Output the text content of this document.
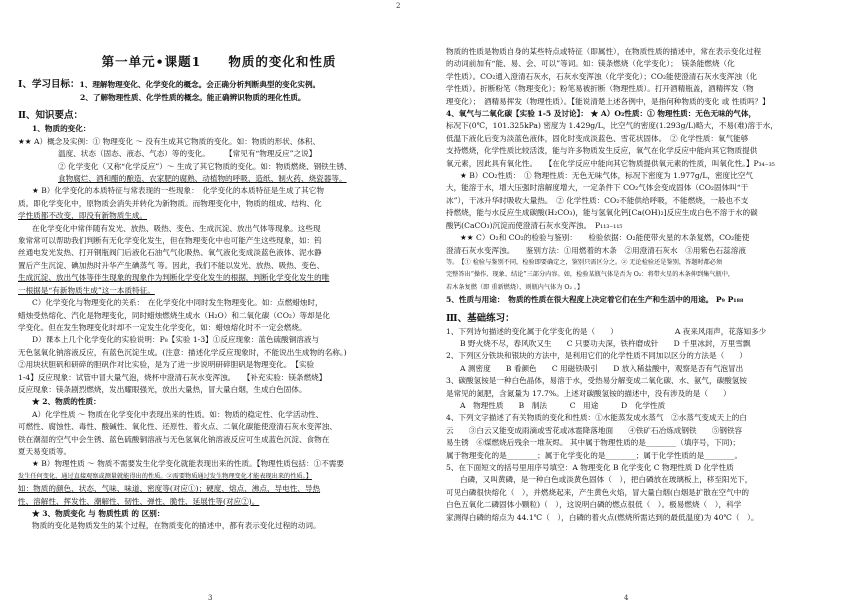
第一单元•课题1　　物质的变化和性质
Ⅰ、学习目标：1、理解物理变化、化学变化的概念。会正确分析判断典型的变化实例。

2、了解物理性质、化学性质的概念。能正确辨识物质的理化性质。

Ⅱ、知识要点：

1、物质的变化：

★★ A）概念及实例：① 物理变化 ～ 没有生成其它物质的变化。如：物质的形状、体积、

温度、状态（固态、液态、气态）等的变化。　　　【常见有“物理反应”之说】

② 化学变化（又称“化学反应”）～ 生成了其它物质的变化。如：物质燃烧、钢铁生锈、

食物腐烂、酒和醋的酿造、农家肥的腐熟、动植物的呼吸、造纸、制火药、烧瓷器等。

★ B）化学变化的本质特征与常表现的一些现象：　化学变化的本质特征是生成了其它物

质。即化学变化中，原物质会消失并转化为新物质。而物理变化中，物质的组成、结构、化

学性质都不改变，即没有新物质生成。

在化学变化中常伴随有发光、放热、吸热、变色、生成沉淀、放出气体等现象。这些现

象常常可以帮助我们判断有无化学变化发生，但在物理变化中也可能产生这些现象，如：钨

丝通电发光发热、打开钢瓶阀门后液化石油气气化吸热、氧气液化变成淡蓝色液体、泥水静

置后产生沉淀、碘加热时升华产生碘蒸气 等。因此，我们不能以发光、放热、吸热、变色、

生成沉淀、放出气体等伴生现象的现象作为判断化学变化发生的根据，判断化学变化发生的唯

一根据是“有新物质生成”这一本质特征。

C）化学变化与物理变化的关系：　在化学变化中同时发生物理变化。如：点燃蜡烛时，

蜡烛受热熔化、汽化是物理变化，同时蜡烛燃烧生成水（H₂O）和二氧化碳（CO₂）等却是化

学变化。但在发生物理变化时却不一定发生化学变化，如：蜡烛熔化时不一定会燃烧。

D）课本上几个化学变化的实验说明：P₈【实验 1-3】①反应现象：蓝色硫酸铜溶液与

无色氢氧化钠溶液反应，有蓝色沉淀生成。(注意：描述化学反应现象时，不能说出生成物的名称。)

②用块状胆矾和研碎的胆矾作对比实验，是为了进一步说明研碎胆矾是物理变化。　【实验

1-4】反应现象：试管中冒大量气泡，烧杯中澄清石灰水变浑浊。　　【补充实验：镁条燃烧】

反应现象：镁条剧烈燃烧，发出耀眼强光，放出大量热，冒大量白烟，生成白色固体。

★ 2、物质的性质：

A）化学性质 ～ 物质在化学变化中表现出来的性质。如：物质的稳定性、化学活动性、

可燃性、腐蚀性、毒性、酸碱性、氧化性、还原性、着火点、二氧化碳能使澄清石灰水变浑浊、

铁在潮湿的空气中会生锈、蓝色硫酸铜溶液与无色氢氧化钠溶液反应可生成蓝色沉淀、食物在

夏天易变质等。

★ B）物理性质 ～ 物质不需要发生化学变化就能表现出来的性质。【物理性质包括：①不需要

发生任何变化，通过直接观察或测量就能得出的性质。②需要物质通过发生物理变化才能表现出来的性质。】

如：物质的颜色、状态、气味、味道、密度等(对应①)；硬度、熔点、沸点、导电性、导热

性、溶解性、挥发性、潮解性、韧性、弹性、脆性、延展性等(对应②)。

★ 3、物质变化 与 物质性质 的 区别：

物质的变化是物质发生的某个过程，在物质变化的描述中，都有表示变化过程的动词。

3
2

物质的性质是物质自身的某些特点或特征（即属性），在物质性质的描述中，常在表示变化过程

的动词前加有“能、易、会、可以”等词。如：镁条燃烧（化学变化）；　镁条能燃烧（化

学性质）。CO₂通入澄清石灰水，石灰水变浑浊（化学变化）；CO₂能使澄清石灰水变浑浊（化

学性质）。折断粉笔（物理变化）；粉笔易被折断（物理性质）。打开酒精瓶盖，酒精挥发（物

理变化）；　酒精易挥发（物理性质）。【能说清楚上述各例中，是指何种物质的变化 或 性质吗？】

4、氧气与二氧化碳【实验 1-5 及讨论】： ★ A）O₂性质：① 物理性质：无色无味的气体，

标况下(0℃，101.325kPa) 密度为 1.429g/L，比空气的密度(1.293g/L)略大，不易(难)溶于水，

低温下液化后变为淡蓝色液体，固化时变成淡蓝色、雪花状固体。　② 化学性质：氧气能够

支持燃烧，化学性质比较活泼，能与许多物质发生反应，氧气在化学反应中能向其它物质提供

氧元素，因此具有氧化性。　　【在化学反应中能向其它物质提供氧元素的性质，叫氧化性。】P₃₄₋₃₅

★ B）CO₂性质：　① 物理性质：无色无味气体，标况下密度为 1.977g/L，密度比空气

大，能溶于水，增大压强时溶解度增大，一定条件下 CO₂气体会变成固体（CO₂固体叫“干

冰”），干冰升华时吸收大量热。　② 化学性质：CO₂不能供给呼吸，不能燃烧，一般也不支

持燃烧，能与水反应生成碳酸(H₂CO₃)，能与氢氧化钙[Ca(OH)₂]反应生成白色不溶于水的碳

酸钙(CaCO₃)沉淀而使澄清石灰水变浑浊。　P₁₁₃₋₁₁₅

★★ C）O₂和 CO₂的检验与鉴别：　　检验依据：O₂能使带火星的木条复燃，CO₂能使

澄清石灰水变浑浊。　　鉴别方法：①用燃着的木条　②用澄清石灰水　③用紫色石蕊溶液

等。　【① 检验与鉴别不同，检验即要确定之，鉴别只需区分之。② 无论检验还是鉴别，答题时都必须

完整答出“操作、现象、结论”三部分内容。如，检验某瓶气体是否为 O₂：将带火星的木条伸到集气瓶中，

若木条复燃（即 重新燃烧），则瓶内气体为 O₂ 。】

5、性质与用途：　物质的性质在很大程度上决定着它们在生产和生活中的用途。 P₉ P₁₈₈

Ⅲ、基础练习：

1、下列诗句描述的变化属于化学变化的是（　　）　　　　　　　　A 夜来风雨声，花落知多少

B 野火烧不尽，春风吹又生　　C 只要功夫深，铁杵磨成针　　D 千里冰封，万里雪飘

2、下列区分铁块和银块的方法中，是利用它们的化学性质不同加以区分的方法是（　　）

A 测密度　　B 看颜色　　C 用磁铁吸引　　D 放入稀盐酸中，观察是否有气泡冒出

3、碳酸氢铵是一种白色晶体，易溶于水，受热易分解变成二氧化碳、水、氨气，碳酸氢铵

是常见的氮肥，含氮量为 17.7%。上述对碳酸氢铵的描述中，没有涉及的是（　　）

A　物理性质　　B　制法　　　C　用途　　　D　化学性质

4、下列文字描述了有关物质的变化和性质：①水能蒸发成水蒸气　②水蒸气变成天上的白

云　　③白云又能变成雨滴或雪花或冰雹降落地面　　④铁矿石冶炼成钢铁　　⑤钢铁容

易生锈　⑥煤燃烧后残余一堆灰烬。 其中属于物理性质的是________（填序号，下同)；

属于物理变化的是________；属于化学变化的是________；属于化学性质的是________。

5、在下面短文的括号里用序号填空：A 物理变化 B 化学变化 C 物理性质 D 化学性质

白磷，又叫黄磷，是一种白色或淡黄色固体（　），把白磷放在玻璃板上，移至阳光下，

可见白磷很快熔化（　），并燃烧起来，产生黄色火焰，冒大量白烟(白烟是扩散在空气中的

白色五氧化二磷固体小颗粒)（　），这说明白磷的燃点很低（　）。极易燃烧（　），科学

家测得白磷的熔点为 44.1℃（　），白磷的着火点(燃烧所需达到的最低温度)为 40℃（　）。

4
